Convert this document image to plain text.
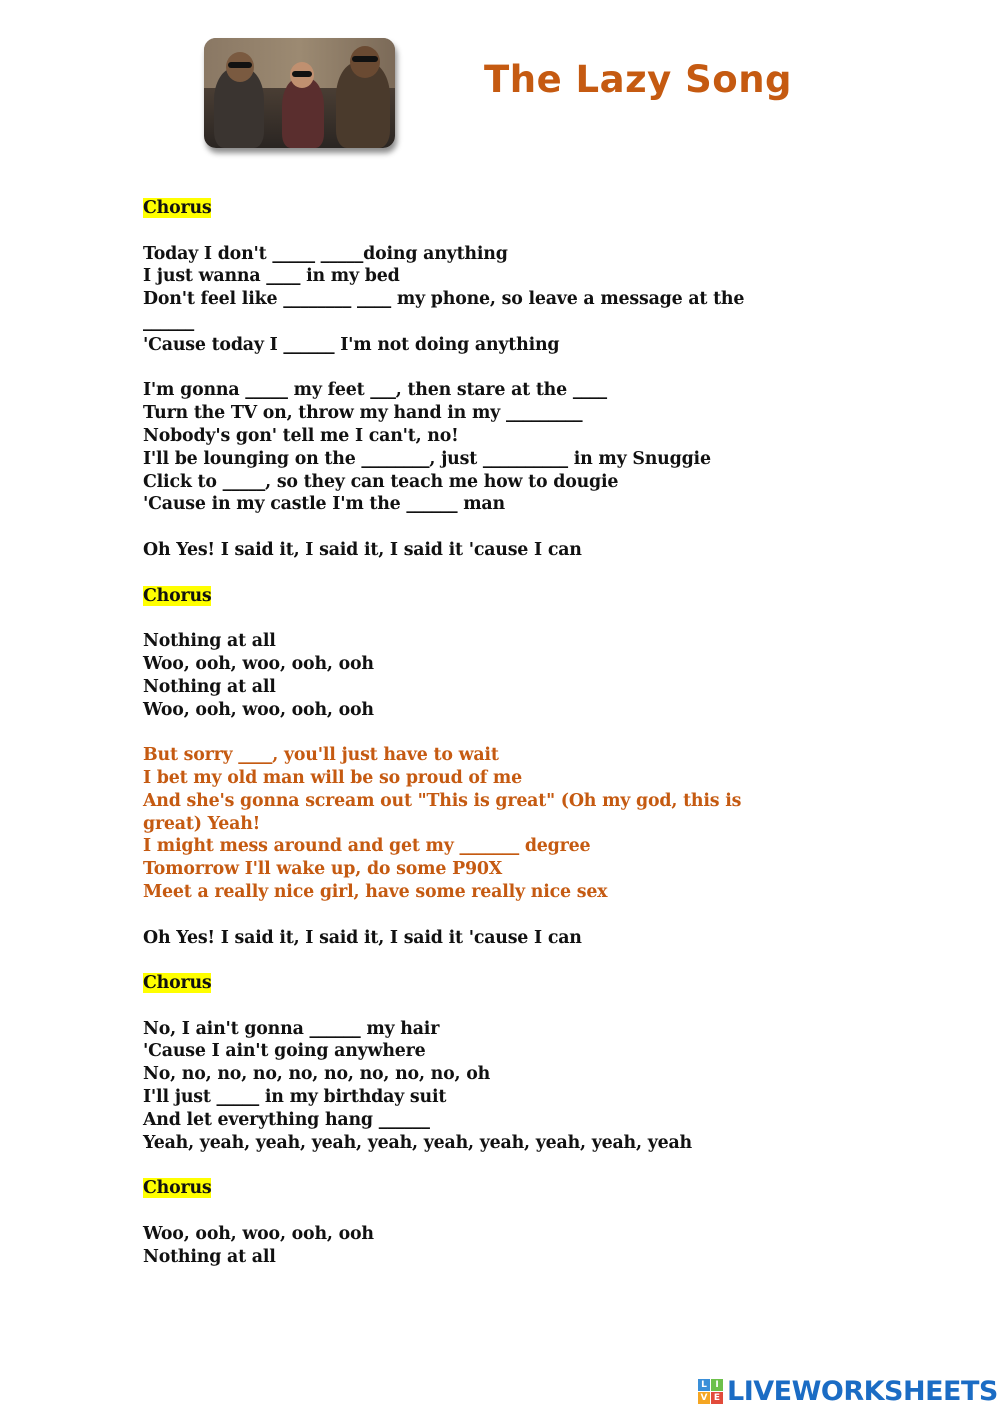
The Lazy Song
Chorus
Today I don't _____ _____doing anything
I just wanna ____ in my bed
Don't feel like ________ ____ my phone, so leave a message at the
______
'Cause today I ______ I'm not doing anything
I'm gonna _____ my feet ___, then stare at the ____
Turn the TV on, throw my hand in my _________
Nobody's gon' tell me I can't, no!
I'll be lounging on the ________, just __________ in my Snuggie
Click to _____, so they can teach me how to dougie
'Cause in my castle I'm the ______ man
Oh Yes! I said it, I said it, I said it 'cause I can
Chorus
Nothing at all
Woo, ooh, woo, ooh, ooh
Nothing at all
Woo, ooh, woo, ooh, ooh
But sorry ____, you'll just have to wait
I bet my old man will be so proud of me
And she's gonna scream out "This is great" (Oh my god, this is
great) Yeah!
I might mess around and get my _______ degree
Tomorrow I'll wake up, do some P90X
Meet a really nice girl, have some really nice sex
Oh Yes! I said it, I said it, I said it 'cause I can
Chorus
No, I ain't gonna ______ my hair
'Cause I ain't going anywhere
No, no, no, no, no, no, no, no, no, oh
I'll just _____ in my birthday suit
And let everything hang ______
Yeah, yeah, yeah, yeah, yeah, yeah, yeah, yeah, yeah, yeah
Chorus
Woo, ooh, woo, ooh, ooh
Nothing at all
L I
V E LIVEWORKSHEETS
